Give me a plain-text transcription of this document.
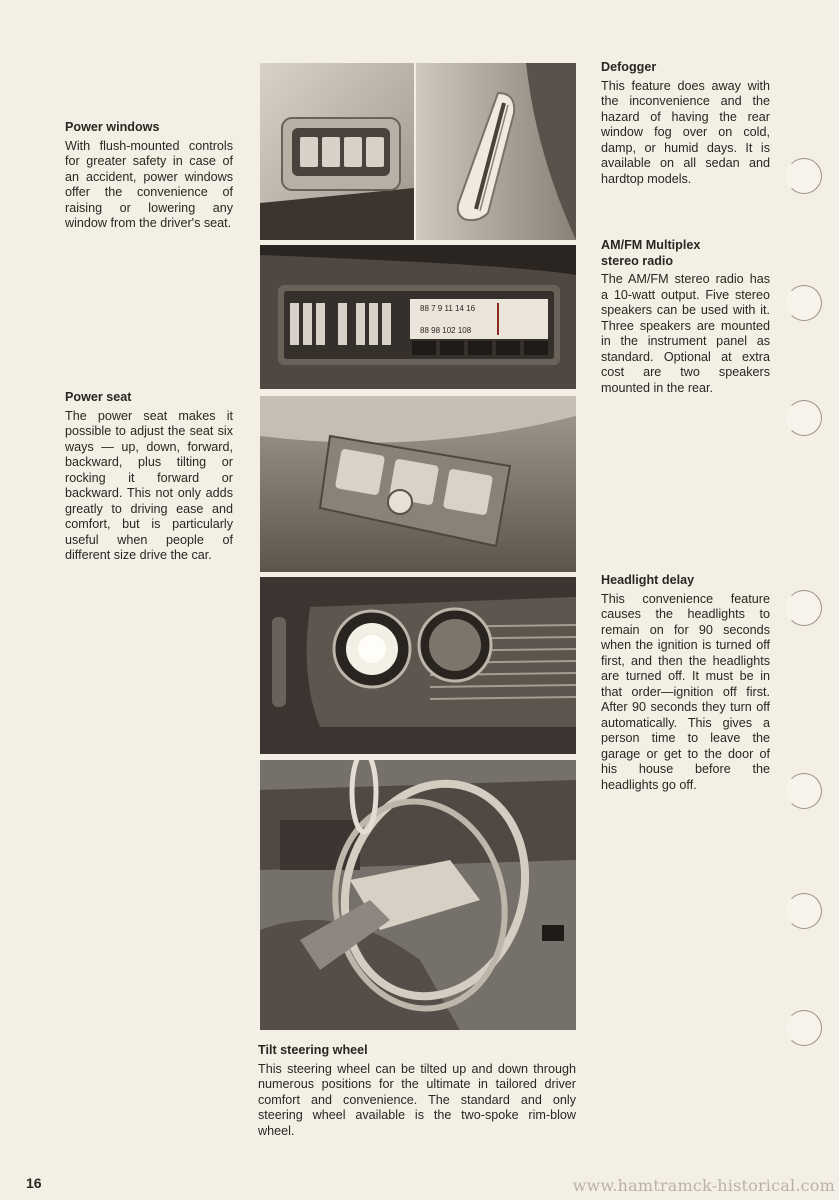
Power windows

With flush-mounted controls for greater safety in case of an accident, power windows offer the convenience of raising or lowering any window from the driver's seat.

Power seat

The power seat makes it possible to adjust the seat six ways — up, down, forward, backward, plus tilting or rocking it forward or backward. This not only adds greatly to driving ease and comfort, but is particularly useful when people of different size drive the car.

Defogger

This feature does away with the inconvenience and the hazard of having the rear window fog over on cold, damp, or humid days. It is available on all sedan and hardtop models.

AM/FM Multiplex stereo radio

The AM/FM stereo radio has a 10-watt output. Five stereo speakers can be used with it. Three speakers are mounted in the instrument panel as standard. Optional at extra cost are two speakers mounted in the rear.

Headlight delay

This convenience feature causes the headlights to remain on for 90 seconds when the ignition is turned off first, and then the headlights are turned off. It must be in that order—ignition off first. After 90 seconds they turn off automatically. This gives a person time to leave the garage or get to the door of his house before the headlights go off.

Tilt steering wheel

This steering wheel can be tilted up and down through numerous positions for the ultimate in tailored driver comfort and convenience. The standard and only steering wheel available is the two-spoke rim-blow wheel.

88 7 9 11 14 16
88 98 102 108
16	www.hamtramck-historical.com
